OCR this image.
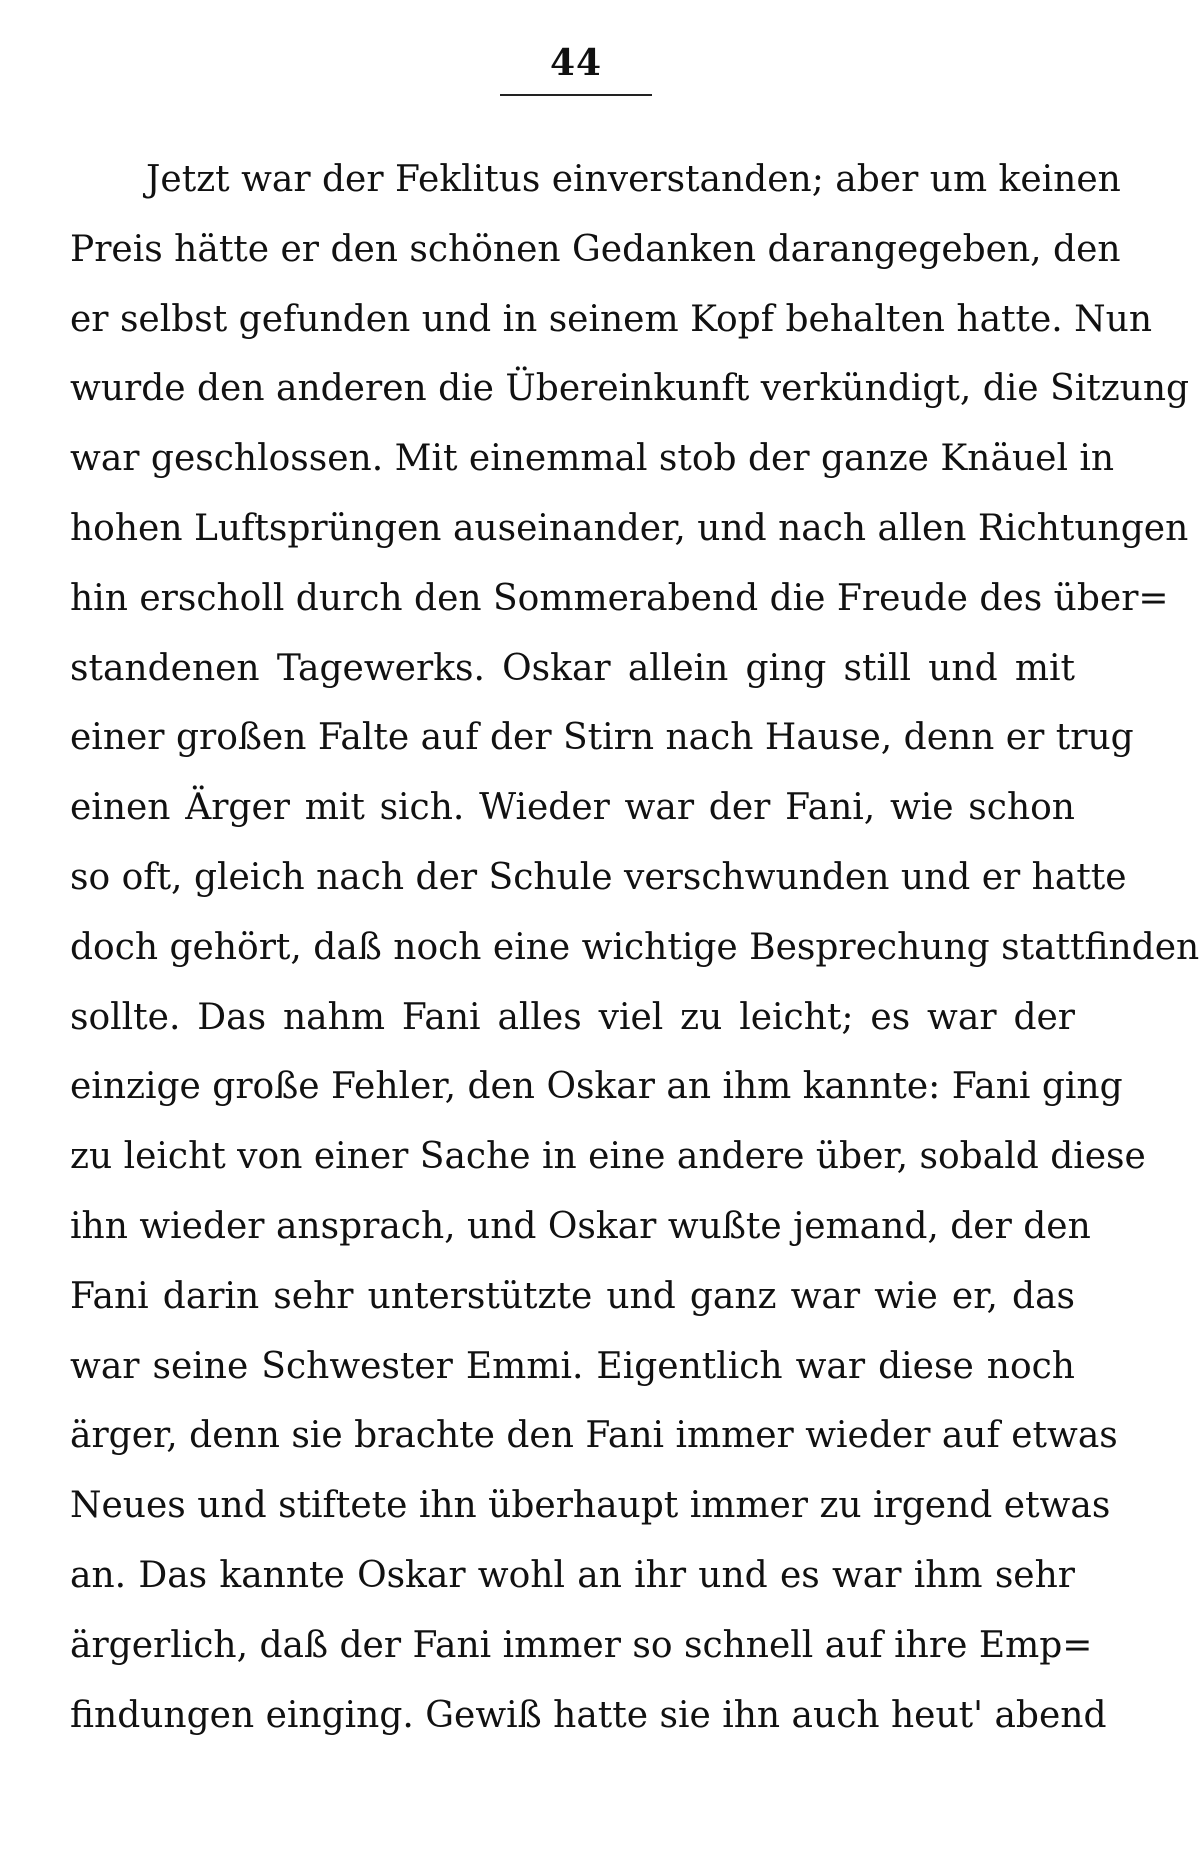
44
Jetzt war der Feklitus einverstanden; aber um keinen
Preis hätte er den schönen Gedanken darangegeben, den
er selbst gefunden und in seinem Kopf behalten hatte. Nun
wurde den anderen die Übereinkunft verkündigt, die Sitzung
war geschlossen. Mit einemmal stob der ganze Knäuel in
hohen Luftsprüngen auseinander, und nach allen Richtungen
hin erscholl durch den Sommerabend die Freude des über=
standenen Tagewerks. Oskar allein ging still und mit
einer großen Falte auf der Stirn nach Hause, denn er trug
einen Ärger mit sich. Wieder war der Fani, wie schon
so oft, gleich nach der Schule verschwunden und er hatte
doch gehört, daß noch eine wichtige Besprechung stattfinden
sollte. Das nahm Fani alles viel zu leicht; es war der
einzige große Fehler, den Oskar an ihm kannte: Fani ging
zu leicht von einer Sache in eine andere über, sobald diese
ihn wieder ansprach, und Oskar wußte jemand, der den
Fani darin sehr unterstützte und ganz war wie er, das
war seine Schwester Emmi. Eigentlich war diese noch
ärger, denn sie brachte den Fani immer wieder auf etwas
Neues und stiftete ihn überhaupt immer zu irgend etwas
an. Das kannte Oskar wohl an ihr und es war ihm sehr
ärgerlich, daß der Fani immer so schnell auf ihre Emp=
findungen einging. Gewiß hatte sie ihn auch heut' abend
